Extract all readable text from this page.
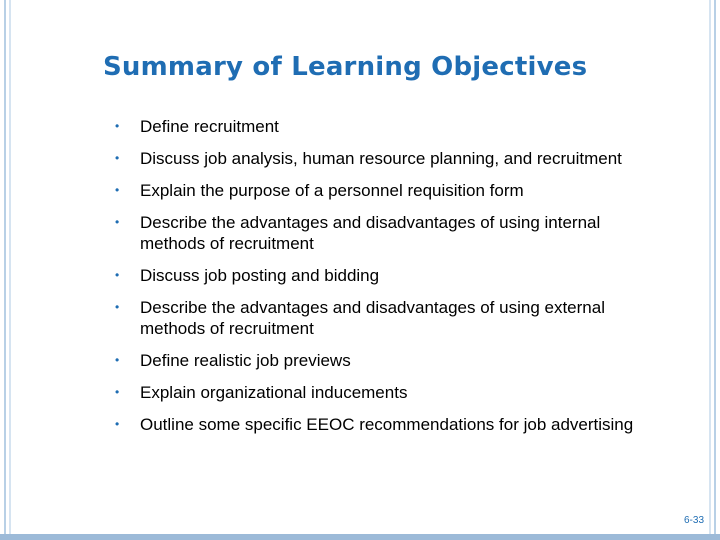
Summary of Learning Objectives
•	Define recruitment
•	Discuss job analysis, human resource planning, and recruitment
•	Explain the purpose of a personnel requisition form
•	Describe the advantages and disadvantages of using internal methods of recruitment
•	Discuss job posting and bidding
•	Describe the advantages and disadvantages of using external methods of recruitment
•	Define realistic job previews
•	Explain organizational inducements
•	Outline some specific EEOC recommendations for job advertising
6-33
